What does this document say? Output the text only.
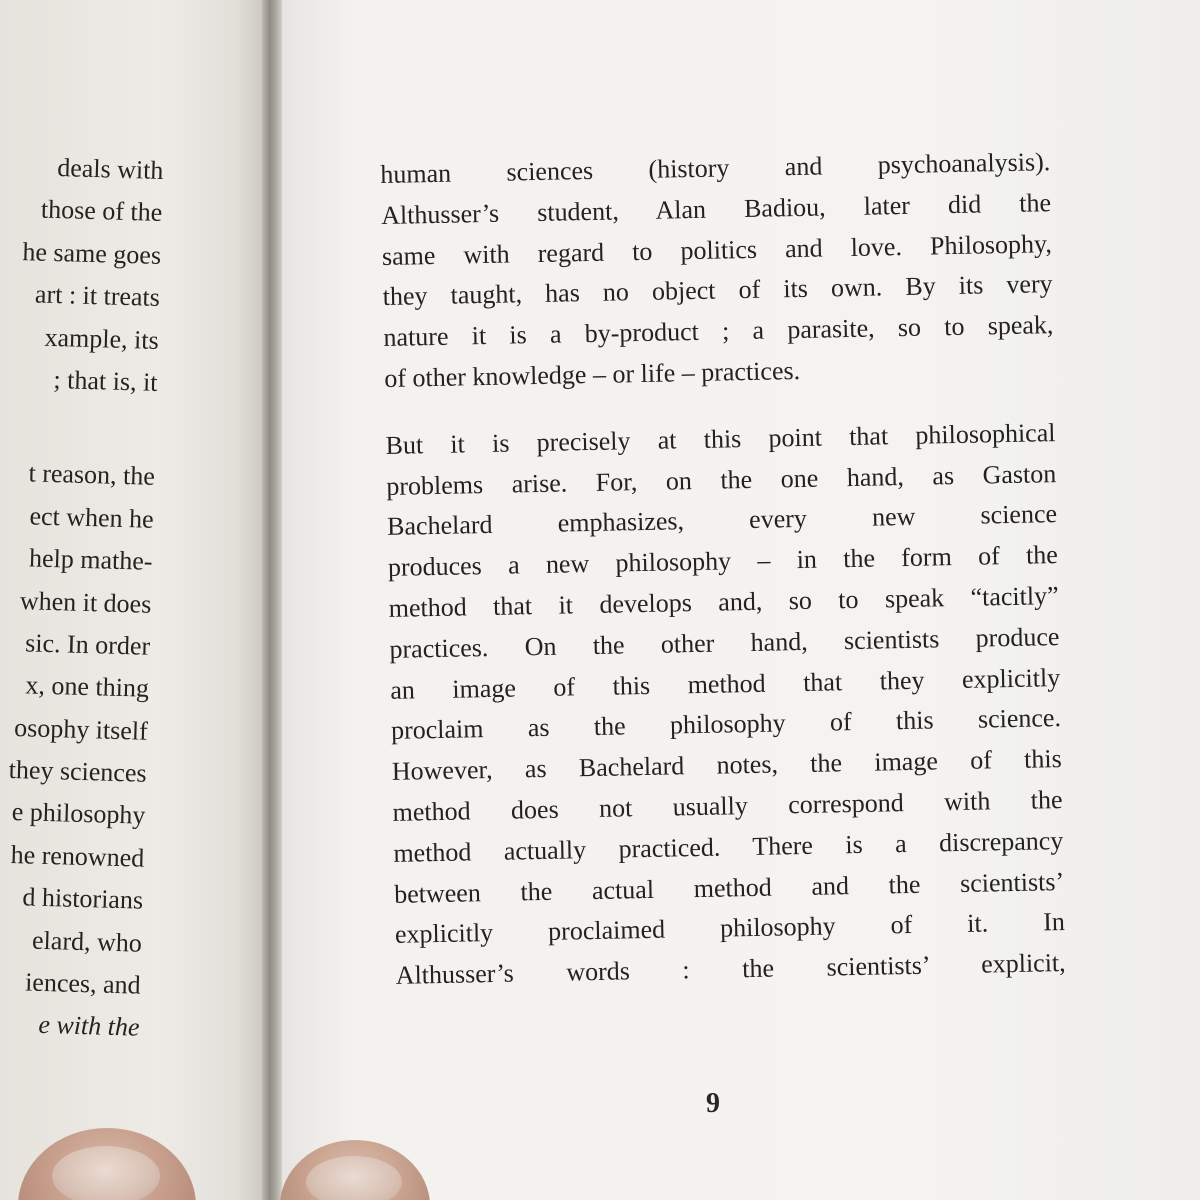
deals with
those of the
he same goes
art : it treats
xample, its
; that is, it
t reason, the
ect when he
help mathe-
when it does
sic. In order
x, one thing
osophy itself
they sciences
e philosophy
he renowned
d historians
elard, who
iences, and
e with the
human sciences (history and psychoanalysis).
Althusser’s student, Alan Badiou, later did the
same with regard to politics and love. Philosophy,
they taught, has no object of its own. By its very
nature it is a by-product ; a parasite, so to speak,
of other knowledge – or life – practices.
But it is precisely at this point that philosophical
problems arise. For, on the one hand, as Gaston
Bachelard emphasizes, every new science
produces a new philosophy – in the form of the
method that it develops and, so to speak “tacitly”
practices. On the other hand, scientists produce
an image of this method that they explicitly
proclaim as the philosophy of this science.
However, as Bachelard notes, the image of this
method does not usually correspond with the
method actually practiced. There is a discrepancy
between the actual method and the scientists’
explicitly proclaimed philosophy of it. In
Althusser’s words : the scientists’ explicit,
9
